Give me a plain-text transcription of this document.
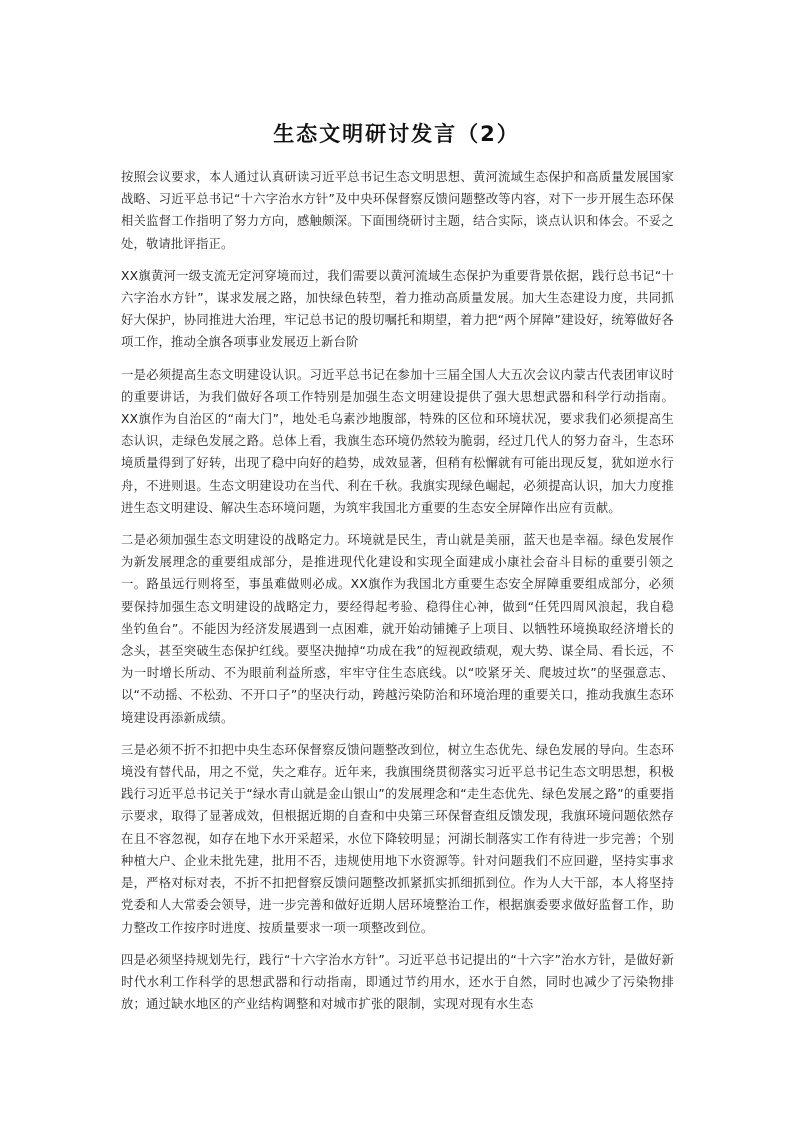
生态文明研讨发言（2）

按照会议要求，本人通过认真研读习近平总书记生态文明思想、黄河流域生态保护和高质量发展国家战略、习近平总书记“十六字治水方针”及中央环保督察反馈问题整改等内容，对下一步开展生态环保相关监督工作指明了努力方向，感触颇深。下面围绕研讨主题，结合实际，谈点认识和体会。不妥之处，敬请批评指正。

XX旗黄河一级支流无定河穿境而过，我们需要以黄河流域生态保护为重要背景依据，践行总书记“十六字治水方针”，谋求发展之路，加快绿色转型，着力推动高质量发展。加大生态建设力度，共同抓好大保护，协同推进大治理，牢记总书记的殷切嘱托和期望，着力把“两个屏障”建设好，统筹做好各项工作，推动全旗各项事业发展迈上新台阶

一是必须提高生态文明建设认识。习近平总书记在参加十三届全国人大五次会议内蒙古代表团审议时的重要讲话，为我们做好各项工作特别是加强生态文明建设提供了强大思想武器和科学行动指南。XX旗作为自治区的“南大门”，地处毛乌素沙地腹部，特殊的区位和环境状况，要求我们必须提高生态认识，走绿色发展之路。总体上看，我旗生态环境仍然较为脆弱，经过几代人的努力奋斗，生态环境质量得到了好转，出现了稳中向好的趋势，成效显著，但稍有松懈就有可能出现反复，犹如逆水行舟，不进则退。生态文明建设功在当代、利在千秋。我旗实现绿色崛起，必须提高认识，加大力度推进生态文明建设、解决生态环境问题，为筑牢我国北方重要的生态安全屏障作出应有贡献。

二是必须加强生态文明建设的战略定力。环境就是民生，青山就是美丽，蓝天也是幸福。绿色发展作为新发展理念的重要组成部分，是推进现代化建设和实现全面建成小康社会奋斗目标的重要引领之一。路虽远行则将至，事虽难做则必成。XX旗作为我国北方重要生态安全屏障重要组成部分，必须要保持加强生态文明建设的战略定力，要经得起考验、稳得住心神，做到“任凭四周风浪起，我自稳坐钓鱼台”。不能因为经济发展遇到一点困难，就开始动铺摊子上项目、以牺牲环境换取经济增长的念头，甚至突破生态保护红线。要坚决抛掉“功成在我”的短视政绩观，观大势、谋全局、看长远，不为一时增长所动、不为眼前利益所惑，牢牢守住生态底线。以“咬紧牙关、爬坡过坎”的坚强意志、以“不动摇、不松劲、不开口子”的坚决行动，跨越污染防治和环境治理的重要关口，推动我旗生态环境建设再添新成绩。

三是必须不折不扣把中央生态环保督察反馈问题整改到位，树立生态优先、绿色发展的导向。生态环境没有替代品，用之不觉，失之难存。近年来，我旗围绕贯彻落实习近平总书记生态文明思想，积极践行习近平总书记关于“绿水青山就是金山银山”的发展理念和“走生态优先、绿色发展之路”的重要指示要求，取得了显著成效，但根据近期的自查和中央第三环保督查组反馈发现，我旗环境问题依然存在且不容忽视，如存在地下水开采超采，水位下降较明显；河湖长制落实工作有待进一步完善；个别种植大户、企业未批先建，批用不否，违规使用地下水资源等。针对问题我们不应回避，坚持实事求是，严格对标对表，不折不扣把督察反馈问题整改抓紧抓实抓细抓到位。作为人大干部，本人将坚持党委和人大常委会领导，进一步完善和做好近期人居环境整治工作，根据旗委要求做好监督工作，助力整改工作按序时进度、按质量要求一项一项整改到位。

四是必须坚持规划先行，践行“十六字治水方针”。习近平总书记提出的“十六字”治水方针，是做好新时代水利工作科学的思想武器和行动指南，即通过节约用水，还水于自然，同时也减少了污染物排放；通过缺水地区的产业结构调整和对城市扩张的限制，实现对现有水生态
